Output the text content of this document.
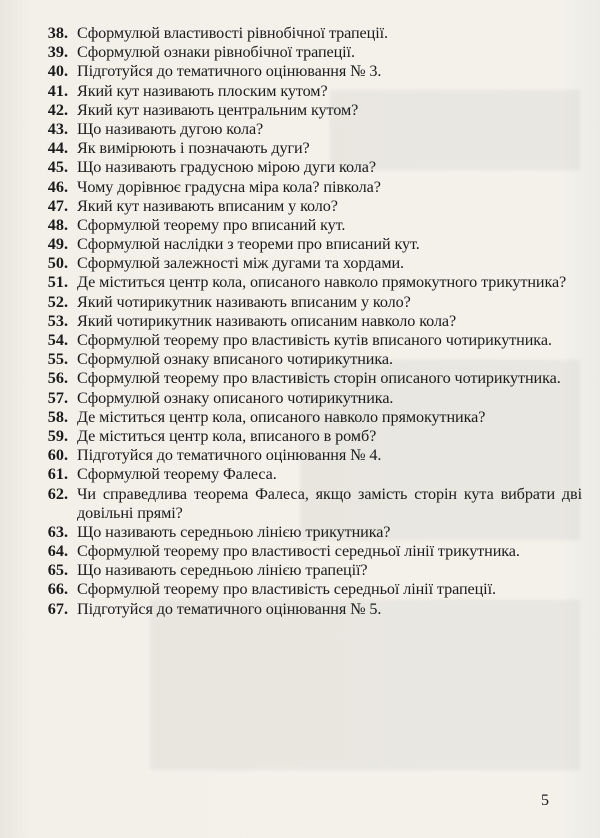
38. Сформулюй властивості рівнобічної трапеції.
39. Сформулюй ознаки рівнобічної трапеції.
40. Підготуйся до тематичного оцінювання № 3.
41. Який кут називають плоским кутом?
42. Який кут називають центральним кутом?
43. Що називають дугою кола?
44. Як вимірюють і позначають дуги?
45. Що називають градусною мірою дуги кола?
46. Чому дорівнює градусна міра кола? півкола?
47. Який кут називають вписаним у коло?
48. Сформулюй теорему про вписаний кут.
49. Сформулюй наслідки з теореми про вписаний кут.
50. Сформулюй залежності між дугами та хордами.
51. Де міститься центр кола, описаного навколо прямокутного трикутника?
52. Який чотирикутник називають вписаним у коло?
53. Який чотирикутник називають описаним навколо кола?
54. Сформулюй теорему про властивість кутів вписаного чотирикутника.
55. Сформулюй ознаку вписаного чотирикутника.
56. Сформулюй теорему про властивість сторін описаного чотирикутника.
57. Сформулюй ознаку описаного чотирикутника.
58. Де міститься центр кола, описаного навколо прямокутника?
59. Де міститься центр кола, вписаного в ромб?
60. Підготуйся до тематичного оцінювання № 4.
61. Сформулюй теорему Фалеса.
62. Чи справедлива теорема Фалеса, якщо замість сторін кута вибрати дві довільні прямі?
63. Що називають середньою лінією трикутника?
64. Сформулюй теорему про властивості середньої лінії трикутника.
65. Що називають середньою лінією трапеції?
66. Сформулюй теорему про властивість середньої лінії трапеції.
67. Підготуйся до тематичного оцінювання № 5.
5
